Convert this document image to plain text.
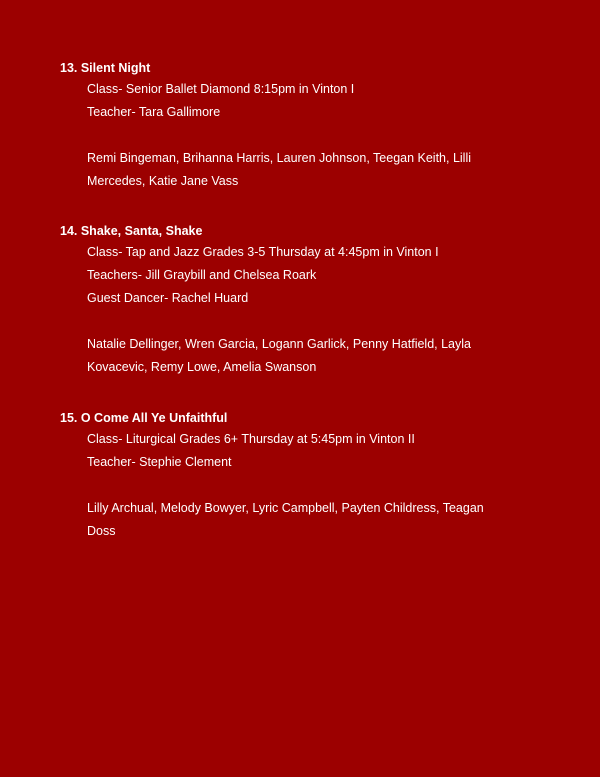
13. Silent Night

Class- Senior Ballet Diamond 8:15pm in Vinton I

Teacher- Tara Gallimore

Remi Bingeman, Brihanna Harris, Lauren Johnson, Teegan Keith, Lilli

Mercedes, Katie Jane Vass

14. Shake, Santa, Shake

Class- Tap and Jazz Grades 3-5 Thursday at 4:45pm in Vinton I

Teachers- Jill Graybill and Chelsea Roark

Guest Dancer- Rachel Huard

Natalie Dellinger, Wren Garcia, Logann Garlick, Penny Hatfield, Layla

Kovacevic, Remy Lowe, Amelia Swanson

15. O Come All Ye Unfaithful

Class- Liturgical Grades 6+ Thursday at 5:45pm in Vinton II

Teacher- Stephie Clement

Lilly Archual, Melody Bowyer, Lyric Campbell, Payten Childress, Teagan

Doss
